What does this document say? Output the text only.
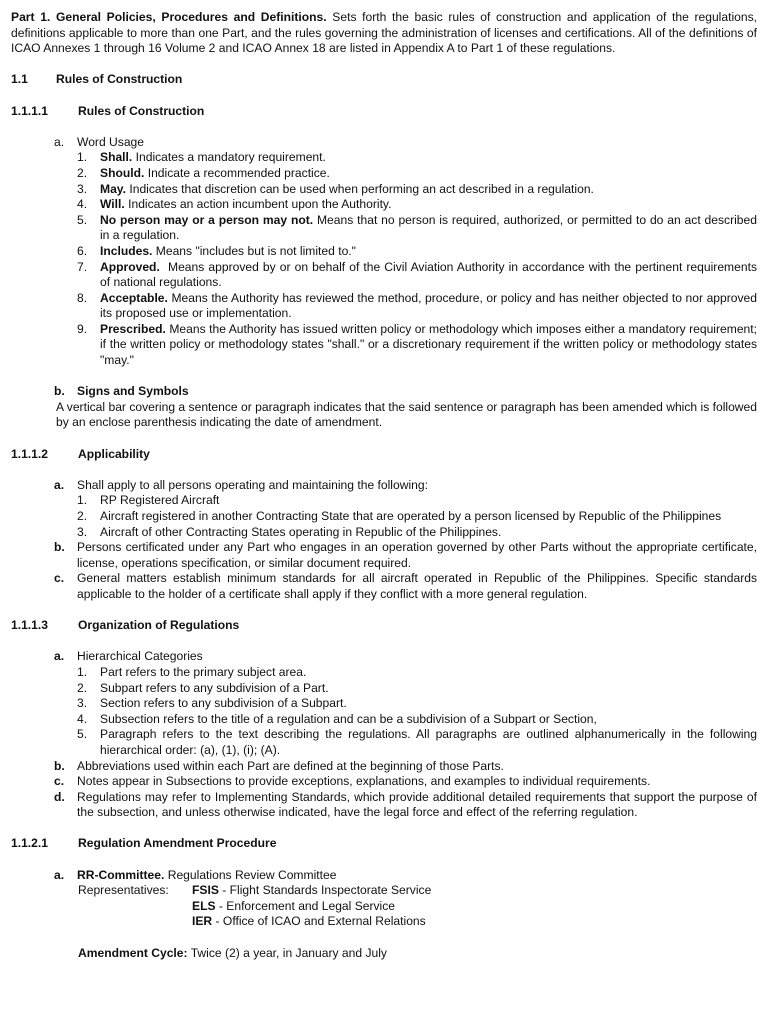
Part 1. General Policies, Procedures and Definitions. Sets forth the basic rules of construction and application of the regulations, definitions applicable to more than one Part, and the rules governing the administration of licenses and certifications. All of the definitions of ICAO Annexes 1 through 16 Volume 2 and ICAO Annex 18 are listed in Appendix A to Part 1 of these regulations.

1.1	Rules of Construction
1.1.1.1	Rules of Construction
a.	Word Usage
1.	Shall. Indicates a mandatory requirement.
2.	Should. Indicate a recommended practice.
3.	May. Indicates that discretion can be used when performing an act described in a regulation.
4.	Will. Indicates an action incumbent upon the Authority.
5.	No person may or a person may not. Means that no person is required, authorized, or permitted to do an act described in a regulation.
6.	Includes. Means "includes but is not limited to."
7.	Approved.  Means approved by or on behalf of the Civil Aviation Authority in accordance with the pertinent requirements of national regulations.
8.	Acceptable. Means the Authority has reviewed the method, procedure, or policy and has neither objected to nor approved its proposed use or implementation.
9.	Prescribed. Means the Authority has issued written policy or methodology which imposes either a mandatory requirement; if the written policy or methodology states "shall." or a discretionary requirement if the written policy or methodology states "may."
b.	Signs and Symbols

A vertical bar covering a sentence or paragraph indicates that the said sentence or paragraph has been amended which is followed by an enclose parenthesis indicating the date of amendment.

1.1.1.2	Applicability
a.	Shall apply to all persons operating and maintaining the following:
1.	RP Registered Aircraft
2.	Aircraft registered in another Contracting State that are operated by a person licensed by Republic of the Philippines
3.	Aircraft of other Contracting States operating in Republic of the Philippines.
b.	Persons certificated under any Part who engages in an operation governed by other Parts without the appropriate certificate, license, operations specification, or similar document required.
c.	General matters establish minimum standards for all aircraft operated in Republic of the Philippines. Specific standards applicable to the holder of a certificate shall apply if they conflict with a more general regulation.
1.1.1.3	Organization of Regulations
a.	Hierarchical Categories
1.	Part refers to the primary subject area.
2.	Subpart refers to any subdivision of a Part.
3.	Section refers to any subdivision of a Subpart.
4.	Subsection refers to the title of a regulation and can be a subdivision of a Subpart or Section,
5.	Paragraph refers to the text describing the regulations. All paragraphs are outlined alphanumerically in the following hierarchical order: (a), (1), (i); (A).
b.	Abbreviations used within each Part are defined at the beginning of those Parts.
c.	Notes appear in Subsections to provide exceptions, explanations, and examples to individual requirements.
d.	Regulations may refer to Implementing Standards, which provide additional detailed requirements that support the purpose of the subsection, and unless otherwise indicated, have the legal force and effect of the referring regulation.
1.1.2.1	Regulation Amendment Procedure
a.	RR-Committee. Regulations Review Committee
Representatives:	FSIS - Flight Standards Inspectorate Service
ELS - Enforcement and Legal Service
IER - Office of ICAO and External Relations

Amendment Cycle: Twice (2) a year, in January and July
